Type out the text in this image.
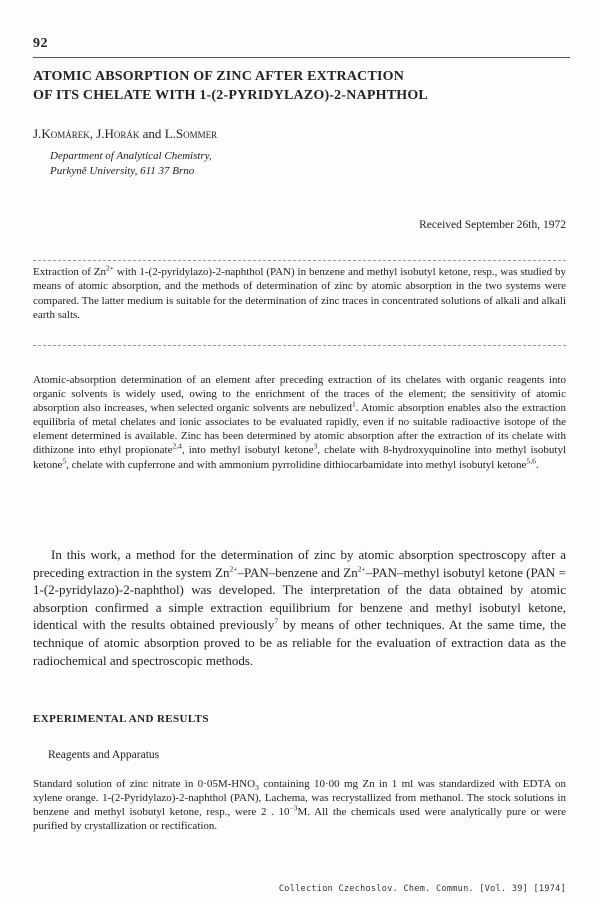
92
ATOMIC ABSORPTION OF ZINC AFTER EXTRACTION
OF ITS CHELATE WITH 1-(2-PYRIDYLAZO)-2-NAPHTHOL
J.Komárek, J.Horák and L.Sommer
Department of Analytical Chemistry,
Purkyně University, 611 37 Brno
Received September 26th, 1972
Extraction of $Zn^{2+}$ with 1-(2-pyridylazo)-2-naphthol (PAN) in benzene and methyl isobutyl ketone, resp., was studied by means of atomic absorption, and the methods of determination of zinc by atomic absorption in the two systems were compared. The latter medium is suitable for the determination of zinc traces in concentrated solutions of alkali and alkali earth salts.
Atomic-absorption determination of an element after preceding extraction of its chelates with organic reagents into organic solvents is widely used, owing to the enrichment of the traces of the element; the sensitivity of atomic absorption also increases, when selected organic solvents are nebulized$^1$. Atomic absorption enables also the extraction equilibria of metal chelates and ionic associates to be evaluated rapidly, even if no suitable radioactive isotope of the element determined is available. Zinc has been determined by atomic absorption after the extraction of its chelate with dithizone into ethyl propionate$^{2,4}$, into methyl isobutyl ketone$^3$, chelate with 8-hydroxyquinoline into methyl isobutyl ketone$^5$, chelate with cupferrone and with ammonium pyrrolidine dithiocarbamidate into methyl isobutyl ketone$^{5,6}$.
In this work, a method for the determination of zinc by atomic absorption spectroscopy after a preceding extraction in the system $Zn^{2+}-PAN$–benzene and $Zn^{2+}-PAN$–methyl isobutyl ketone (PAN = 1-(2-pyridylazo)-2-naphthol) was developed. The interpretation of the data obtained by atomic absorption confirmed a simple extraction equilibrium for benzene and methyl isobutyl ketone, identical with the results obtained previously$^7$ by means of other techniques. At the same time, the technique of atomic absorption proved to be as reliable for the evaluation of extraction data as the radiochemical and spectroscopic methods.
EXPERIMENTAL AND RESULTS
Reagents and Apparatus
Standard solution of zinc nitrate in $0\cdot 05M-HNO_3$ containing 10·00 mg Zn in 1 ml was standardized with EDTA on xylene orange. 1-(2-Pyridylazo)-2-naphthol (PAN), Lachema, was recrystallized from methanol. The stock solutions in benzene and methyl isobutyl ketone, resp., were 2 . $10^{-3}M$. All the chemicals used were analytically pure or were purified by crystallization or rectification.
Collection Czechoslov. Chem. Commun. [Vol. 39] [1974]
